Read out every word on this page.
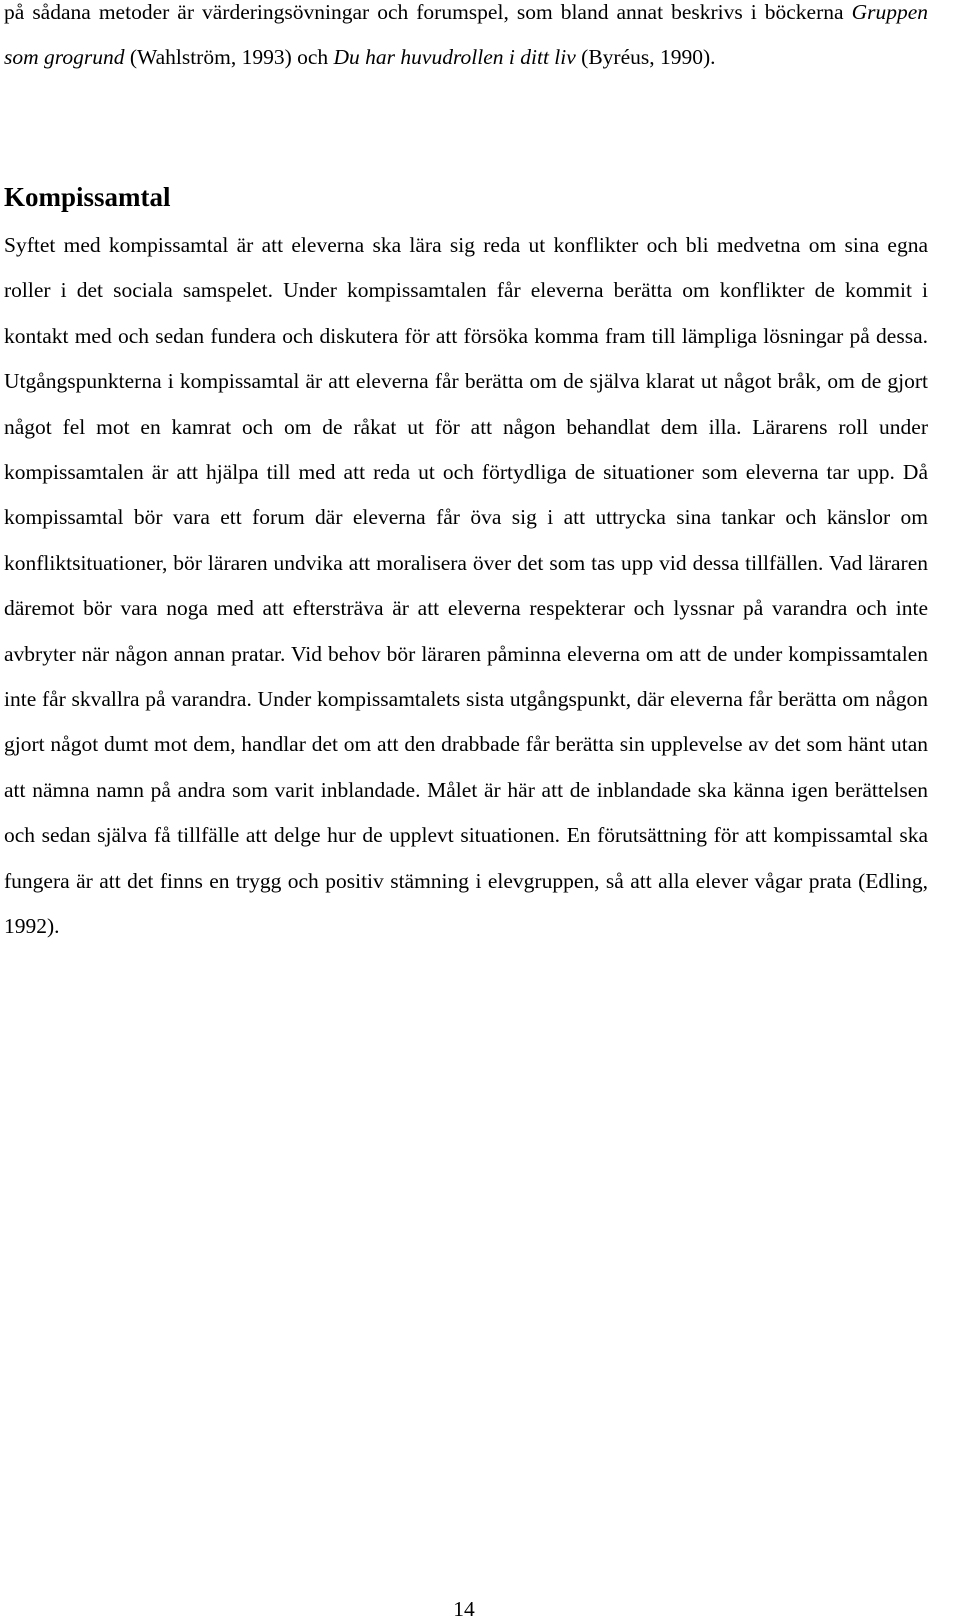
på sådana metoder är värderingsövningar och forumspel, som bland annat beskrivs i böckerna Gruppen som grogrund (Wahlström, 1993) och Du har huvudrollen i ditt liv (Byréus, 1990).

Kompissamtal

Syftet med kompissamtal är att eleverna ska lära sig reda ut konflikter och bli medvetna om sina egna roller i det sociala samspelet. Under kompissamtalen får eleverna berätta om konflikter de kommit i kontakt med och sedan fundera och diskutera för att försöka komma fram till lämpliga lösningar på dessa. Utgångspunkterna i kompissamtal är att eleverna får berätta om de själva klarat ut något bråk, om de gjort något fel mot en kamrat och om de råkat ut för att någon behandlat dem illa. Lärarens roll under kompissamtalen är att hjälpa till med att reda ut och förtydliga de situationer som eleverna tar upp. Då kompissamtal bör vara ett forum där eleverna får öva sig i att uttrycka sina tankar och känslor om konfliktsituationer, bör läraren undvika att moralisera över det som tas upp vid dessa tillfällen. Vad läraren däremot bör vara noga med att eftersträva är att eleverna respekterar och lyssnar på varandra och inte avbryter när någon annan pratar. Vid behov bör läraren påminna eleverna om att de under kompissamtalen inte får skvallra på varandra. Under kompissamtalets sista utgångspunkt, där eleverna får berätta om någon gjort något dumt mot dem, handlar det om att den drabbade får berätta sin upplevelse av det som hänt utan att nämna namn på andra som varit inblandade. Målet är här att de inblandade ska känna igen berättelsen och sedan själva få tillfälle att delge hur de upplevt situationen. En förutsättning för att kompissamtal ska fungera är att det finns en trygg och positiv stämning i elevgruppen, så att alla elever vågar prata (Edling, 1992).

14
